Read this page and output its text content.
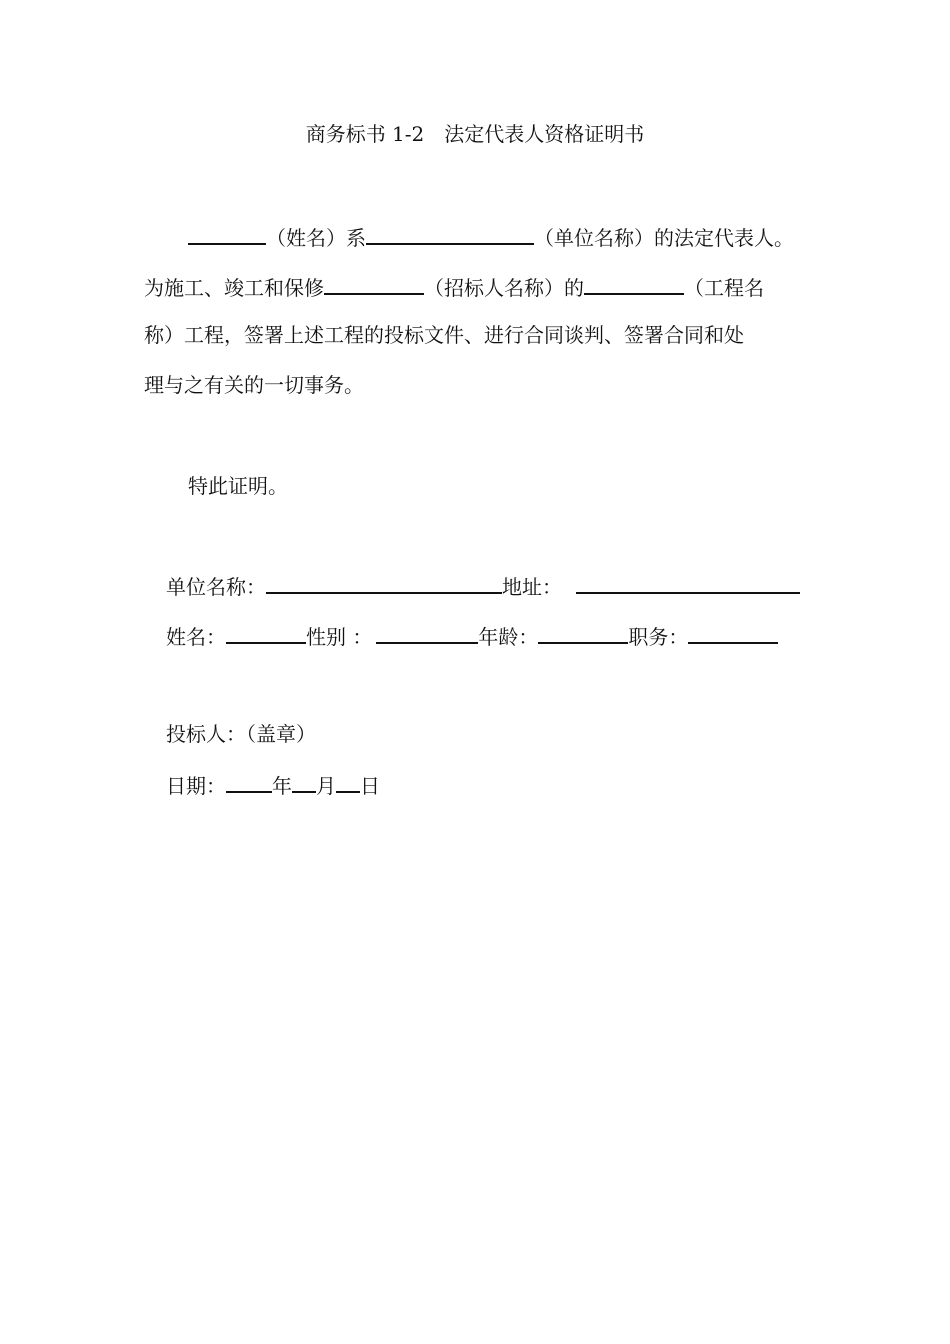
商务标书 1-2　法定代表人资格证明书
（姓名）系	（单位名称）的法定代表人。
为施工、竣工和保修	（招标人名称）的	（工程名
称）工程，签署上述工程的投标文件、进行合同谈判、签署合同和处
理与之有关的一切事务。
特此证明。
单位名称：	地址：
姓名：	性别 ：	年龄：	职务：
投标人：（盖章）
日期： 年 月 日
